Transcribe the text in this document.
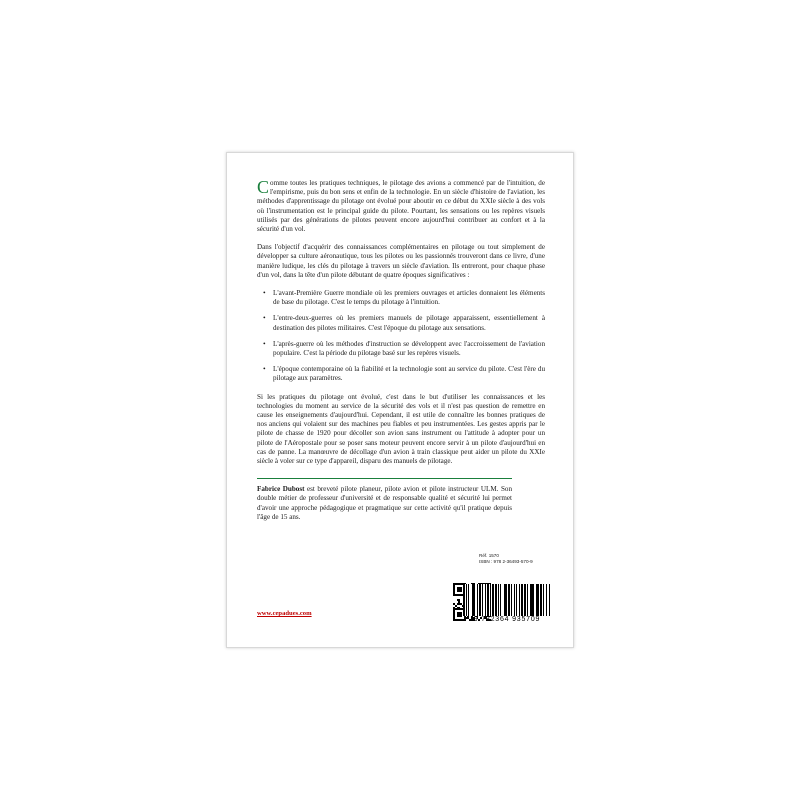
Comme toutes les pratiques techniques, le pilotage des avions a commencé par de l'intuition, de l'empirisme, puis du bon sens et enfin de la technologie. En un siècle d'histoire de l'aviation, les méthodes d'apprentissage du pilotage ont évolué pour aboutir en ce début du XXIe siècle à des vols où l'instrumentation est le principal guide du pilote. Pourtant, les sensations ou les repères visuels utilisés par des générations de pilotes peuvent encore aujourd'hui contribuer au confort et à la sécurité d'un vol.

Dans l'objectif d'acquérir des connaissances complémentaires en pilotage ou tout simplement de développer sa culture aéronautique, tous les pilotes ou les passionnés trouveront dans ce livre, d'une manière ludique, les clés du pilotage à travers un siècle d'aviation. Ils entreront, pour chaque phase d'un vol, dans la tête d'un pilote débutant de quatre époques significatives :

• L'avant-Première Guerre mondiale où les premiers ouvrages et articles donnaient les éléments de base du pilotage. C'est le temps du pilotage à l'intuition.
• L'entre-deux-guerres où les premiers manuels de pilotage apparaissent, essentiellement à destination des pilotes militaires. C'est l'époque du pilotage aux sensations.
• L'après-guerre où les méthodes d'instruction se développent avec l'accroissement de l'aviation populaire. C'est la période du pilotage basé sur les repères visuels.
• L'époque contemporaine où la fiabilité et la technologie sont au service du pilote. C'est l'ère du pilotage aux paramètres.

Si les pratiques du pilotage ont évolué, c'est dans le but d'utiliser les connaissances et les technologies du moment au service de la sécurité des vols et il n'est pas question de remettre en cause les enseignements d'aujourd'hui. Cependant, il est utile de connaître les bonnes pratiques de nos anciens qui volaient sur des machines peu fiables et peu instrumentées. Les gestes appris par le pilote de chasse de 1920 pour décoller son avion sans instrument ou l'attitude à adopter pour un pilote de l'Aéropostale pour se poser sans moteur peuvent encore servir à un pilote d'aujourd'hui en cas de panne. La manœuvre de décollage d'un avion à train classique peut aider un pilote du XXIe siècle à voler sur ce type d'appareil, disparu des manuels de pilotage.

Fabrice Dubost est breveté pilote planeur, pilote avion et pilote instructeur ULM. Son double métier de professeur d'université et de responsable qualité et sécurité lui permet d'avoir une approche pédagogique et pragmatique sur cette activité qu'il pratique depuis l'âge de 15 ans.

Réf. 1570
ISBN : 978 2-36493-570-9
www.cepadues.com
9 782364 935709
